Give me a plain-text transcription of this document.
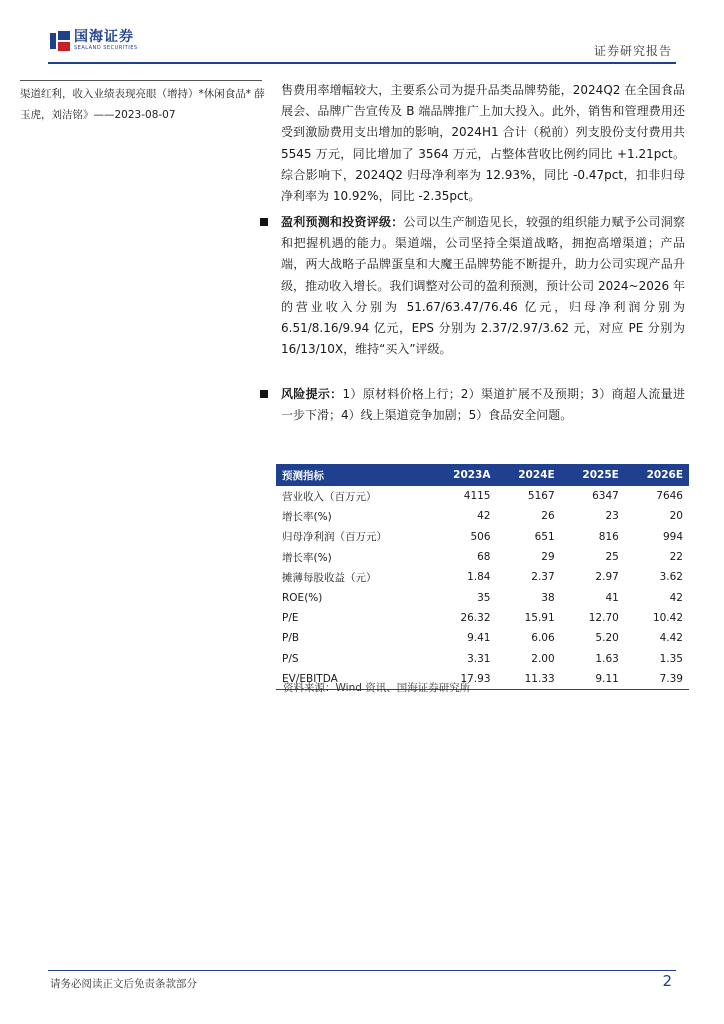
国海证券
SEALAND SECURITIES	证券研究报告
渠道红利，收入业绩表现亮眼（增持）*休闲食品* 薛玉虎，刘洁铭》——2023-08-07

售费用率增幅较大，主要系公司为提升品类品牌势能，2024Q2 在全国食品展会、品牌广告宣传及 B 端品牌推广上加大投入。此外，销售和管理费用还受到激励费用支出增加的影响，2024H1 合计（税前）列支股份支付费用共 5545 万元，同比增加了 3564 万元，占整体营收比例约同比 +1.21pct。综合影响下，2024Q2 归母净利率为 12.93%，同比 -0.47pct，扣非归母净利率为 10.92%，同比 -2.35pct。

盈利预测和投资评级：公司以生产制造见长，较强的组织能力赋予公司洞察和把握机遇的能力。渠道端，公司坚持全渠道战略，拥抱高增渠道；产品端，两大战略子品牌蛋皇和大魔王品牌势能不断提升，助力公司实现产品升级，推动收入增长。我们调整对公司的盈利预测，预计公司 2024~2026 年的营业收入分别为 51.67/63.47/76.46 亿元，归母净利润分别为 6.51/8.16/9.94 亿元，EPS 分别为 2.37/2.97/3.62 元，对应 PE 分别为 16/13/10X，维持“买入”评级。
风险提示：1）原材料价格上行；2）渠道扩展不及预期；3）商超人流量进一步下滑；4）线上渠道竞争加剧；5）食品安全问题。
预测指标	2023A	2024E	2025E	2026E
营业收入（百万元）	4115	5167	6347	7646
增长率(%)	42	26	23	20
归母净利润（百万元）	506	651	816	994
增长率(%)	68	29	25	22
摊薄每股收益（元）	1.84	2.37	2.97	3.62
ROE(%)	35	38	41	42
P/E	26.32	15.91	12.70	10.42
P/B	9.41	6.06	5.20	4.42
P/S	3.31	2.00	1.63	1.35
EV/EBITDA	17.93	11.33	9.11	7.39
资料来源：Wind 资讯、国海证券研究所
请务必阅读正文后免责条款部分	2
